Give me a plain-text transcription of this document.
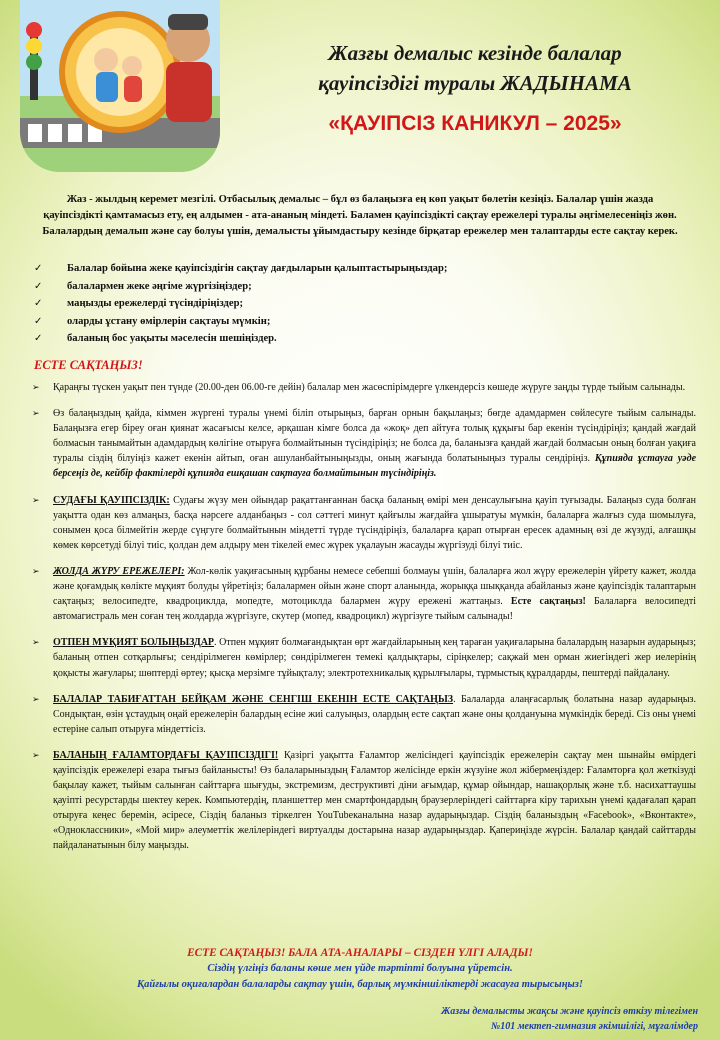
Жазғы демалыс кезінде балалар
қауіпсіздігі туралы ЖАДЫНАМА
«ҚАУІПСІЗ КАНИКУЛ – 2025»
Жаз - жылдың керемет мезгілі. Отбасылық демалыс – бұл өз балаңызға ең көп уақыт бөлетін кезіңіз. Балалар үшін жазда қауіпсіздікті қамтамасыз ету, ең алдымен - ата-ананың міндеті. Баламен қауіпсіздікті сақтау ережелері туралы әңгімелесеніңіз жөн. Балалардың демалып және сау болуы үшін, демалысты ұйымдастыру кезінде бірқатар ережелер мен талаптарды есте сақтау керек.
✓	Балалар бойына жеке қауіпсіздігін сақтау дағдыларын қалыптастырыңыздар;
✓	балалармен жеке әңгіме жүргізіңіздер;
✓	маңызды ережелерді түсіндіріңіздер;
✓	оларды ұстану өмірлерін сақтауы мүмкін;
✓	баланың бос уақыты мәселесін шешіңіздер.
ЕСТЕ САҚТАҢЫЗ!
➢ Қараңғы түскен уақыт пен түнде (20.00-ден 06.00-ге дейін) балалар мен жасөспірімдерге үлкендерсіз көшеде жүруге заңды түрде тыйым салынады.
➢ Өз балаңыздың қайда, кіммен жүргені туралы үнемі біліп отырыңыз, барған орнын бақылаңыз; бөгде адамдармен сөйлесуге тыйым салынады. Балаңызға егер біреу оған қиянат жасағысы келсе, әрқашан кімге болса да «жоқ» деп айтуға толық құқығы бар екенін түсіндіріңіз; қандай жағдай болмасын танымайтын адамдардың көлігіне отыруға болмайтынын түсіндіріңіз; не болса да, баланызға қандай жағдай болмасын оның болған уақиға туралы сіздің білуіңіз кажет екенін айтып, оған ашуланбайтыныңызды, оның жағында болатыныңыз туралы сендіріңіз. Құпияда ұстауға уәде берсеңіз де, кейбір фактілерді құпияда ешқашан сақтауға болмайтынын түсіндіріңіз.
➢ СУДАҒЫ ҚАУІПСІЗДІК: Судағы жүзу мен ойындар рақаттанғаннан басқа баланың өмірі мен денсаулығына қауіп туғызады. Балаңыз суда болған уақытта одан көз алмаңыз, басқа нәрсеге алданбаңыз - сол сәттегі минут қайғылы жағдайға ұшыратуы мүмкін, балаларға жалғыз суда шомылуға, сонымен қоса білмейтін жерде сүңгуге болмайтынын міндетті түрде түсіндіріңіз, балаларға қарап отырған ересек адамның өзі де жүзуді, алғашқы көмек көрсетуді білуі тиіс, қолдан дем алдыру мен тікелей емес жүрек уқалауын жасауды жүргізуді білуі тиіс.
➢ ЖОЛДА ЖҮРУ ЕРЕЖЕЛЕРІ: Жол-көлік уақиғасының құрбаны немесе себепші болмауы үшін, балаларға жол жүру ережелерін үйрету кажет, жолда және қоғамдық көлікте мұқият болуды үйретіңіз; балалармен ойын және спорт аланында, жорыққа шыққанда абайланыз және қауіпсіздік талаптарын сақтаңыз; велосипедте, квадроциклда, мопедте, мотоциклда балармен жүру ережені жаттаңыз. Есте сақтаңыз! Балаларға велосипедті автомагистраль мен соған тең жолдарда жүргізуге, скутер (мопед, квадроцикл) жүргізуге тыйым салынады!
➢ ОТПЕН МҰҚИЯТ БОЛЫҢЫЗДАР. Отпен мұқият болмағандықтан өрт жағдайларының кең тараған уақиғаларына балалардың назарын аударыңыз; баланың отпен сотқарлығы; сендірілмеген көмірлер; сөндірілмеген темекі қалдықтары, сіріңкелер; сақжай мен орман жиегіндегі жер иелерінің қоқысты жағулары; шөптерді өртеу; қысқа мерзімге тұйықталу; электротехникалық құрылғылары, тұрмыстық құралдарды, пештерді пайдалану.
➢ БАЛАЛАР ТАБИҒАТТАН БЕЙҚАМ ЖӘНЕ СЕНГІШ ЕКЕНІН ЕСТЕ САҚТАҢЫЗ. Балаларда алаңғасарлық болатына назар аударыңыз. Сондықтан, өзін ұстаудың оңай ережелерін балардың есіне жиі салуыңыз, олардың есте сақтап және оны қолдануына мүмкіндік береді. Сіз оны үнемі естеріне салып отыруға міндеттісіз.
➢ БАЛАНЫҢ ҒАЛАМТОРДАҒЫ ҚАУІПСІЗДІГІ! Қазіргі уақытта Ғаламтор желісіндегі қауіпсіздік ережелерін сақтау мен шынайы өмірдегі қауіпсіздік ережелері езара тығыз байланысты! Өз балаларыныздың Ғаламтор желісінде еркін жүзуіне жол жібермеңіздер: Ғаламторға қол жеткізуді бақылау кажет, тыйым салынған сайттарға шығуды, экстремизм, деструктивті діни ағымдар, құмар ойындар, нашақорлық және т.б. насихаттаушы қауіпті ресурстарды шектеу керек. Компьютердің, планшеттер мен смартфондардың браузерлеріндегі сайттарға кіру тарихын үнемі қадағалап қарап отыруға кеңес беремін, әсіресе, Сіздің баланыз тіркелген YouTubeканалына назар аударыңыздар. Сіздің баланыздың «Facebook», «Вконтакте», «Одноклассники», «Мой мир» әлеуметтік желілеріндегі виртуалды достарына назар аударыңыздар. Қапериңізде жүрсін. Балалар қандай сайттарды пайдаланатынын білу маңызды.
ЕСТЕ САҚТАҢЫЗ! БАЛА АТА-АНАЛАРЫ – СІЗДЕН ҮЛГІ АЛАДЫ!
Сіздің үлгіңіз баланы көше мен үйде тәртіпті болуына үйретсін.
Қайғылы оқиғалардан балаларды сақтау үшін, барлық мүмкіншіліктерді жасауға тырысыңыз!
Жазғы демалысты жақсы және қауіпсіз өткізу тілегімен
№101 мектеп-гимназия әкімшілігі, мұғалімдер
